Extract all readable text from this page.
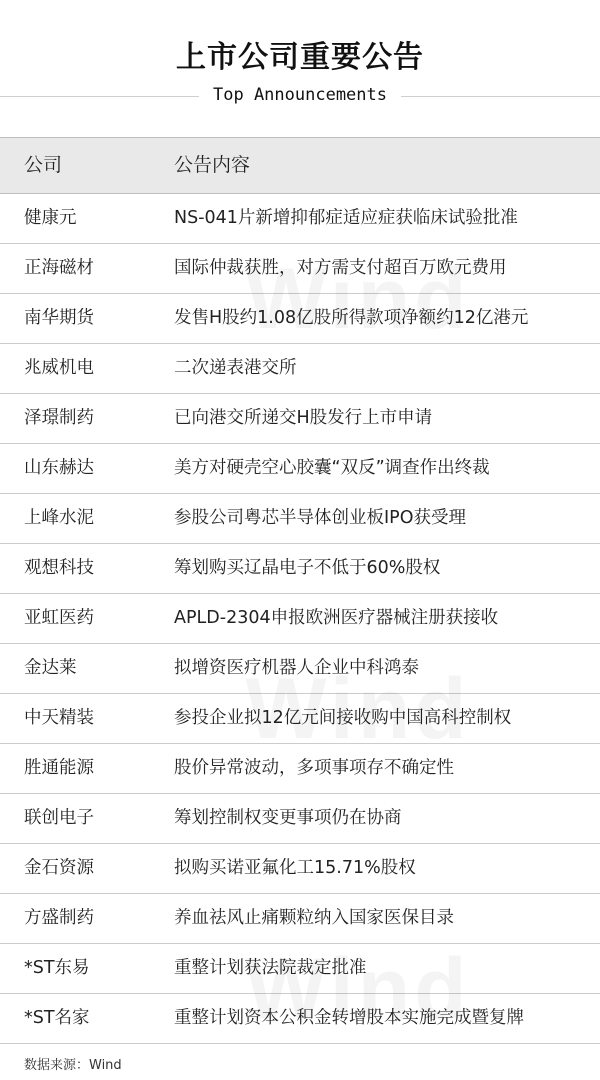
上市公司重要公告
Top Announcements
公司	公告内容
健康元	NS-041片新增抑郁症适应症获临床试验批准
正海磁材	国际仲裁获胜，对方需支付超百万欧元费用
南华期货	发售H股约1.08亿股所得款项净额约12亿港元
兆威机电	二次递表港交所
泽璟制药	已向港交所递交H股发行上市申请
山东赫达	美方对硬壳空心胶囊“双反”调查作出终裁
上峰水泥	参股公司粤芯半导体创业板IPO获受理
观想科技	筹划购买辽晶电子不低于60%股权
亚虹医药	APLD-2304申报欧洲医疗器械注册获接收
金达莱	拟增资医疗机器人企业中科鸿泰
中天精装	参投企业拟12亿元间接收购中国高科控制权
胜通能源	股价异常波动，多项事项存不确定性
联创电子	筹划控制权变更事项仍在协商
金石资源	拟购买诺亚氟化工15.71%股权
方盛制药	养血祛风止痛颗粒纳入国家医保目录
*ST东易	重整计划获法院裁定批准
*ST名家	重整计划资本公积金转增股本实施完成暨复牌
数据来源：Wind
